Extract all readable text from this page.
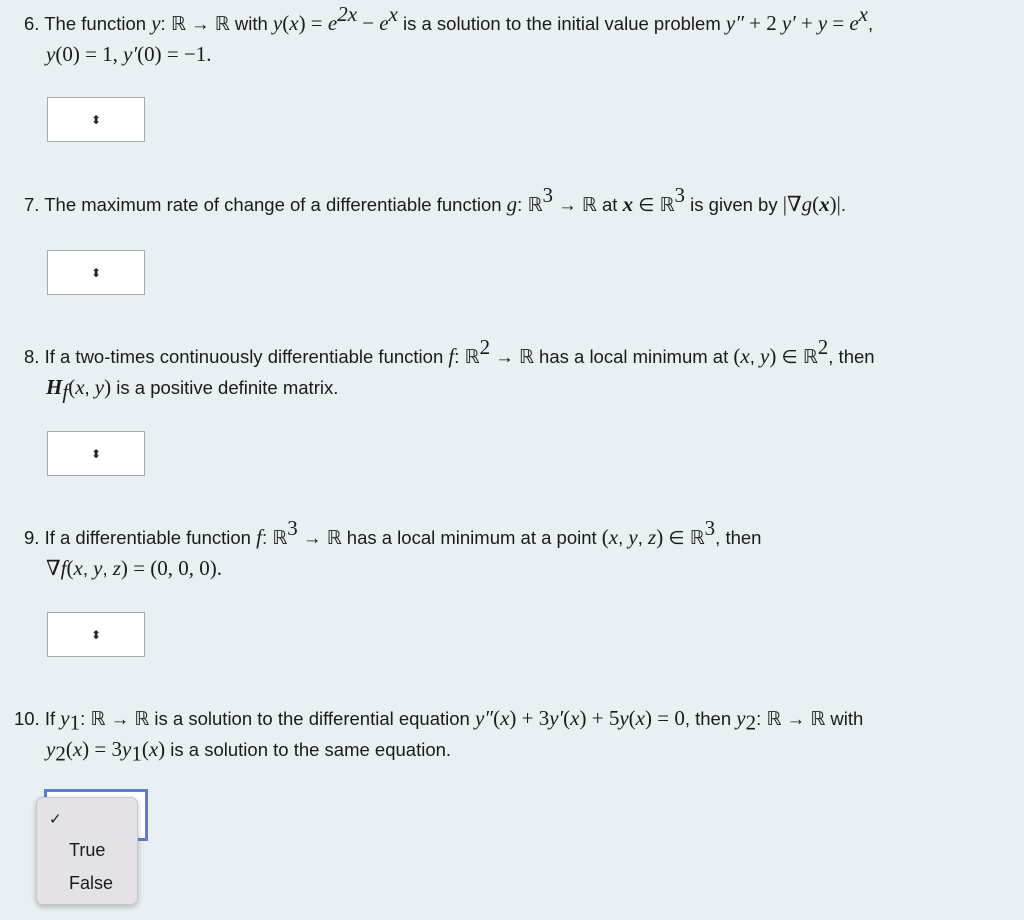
6. The function y: ℝ → ℝ with $y(x) = e^{2x} - e^x$ is a solution to the initial value problem y″ + 2 $y' + y = e^x$,
y(0) = 1, y′(0) = −1.
⬍
7. The maximum rate of change of a differentiable function g: ℝ$^3$ → ℝ at x ∈ ℝ$^3$ is given by |∇g(x)|.
⬍
8. If a two-times continuously differentiable function f: ℝ$^2$ → ℝ has a local minimum at (x, y) ∈ ℝ$^2$, then
$H_f(x$, y) is a positive definite matrix.
⬍
9. If a differentiable function f: ℝ$^3$ → ℝ has a local minimum at a point (x, y, z) ∈ ℝ$^3$, then
∇f(x, y, z) = (0, 0, 0).
⬍
10. If $y_1$: ℝ → ℝ is a solution to the differential equation y″(x) + 3y′(x) + 5y(x) = 0, then $y_2$: ℝ → ℝ with
$y_2(x) = 3y_1(x)$ is a solution to the same equation.
✓
True
False
